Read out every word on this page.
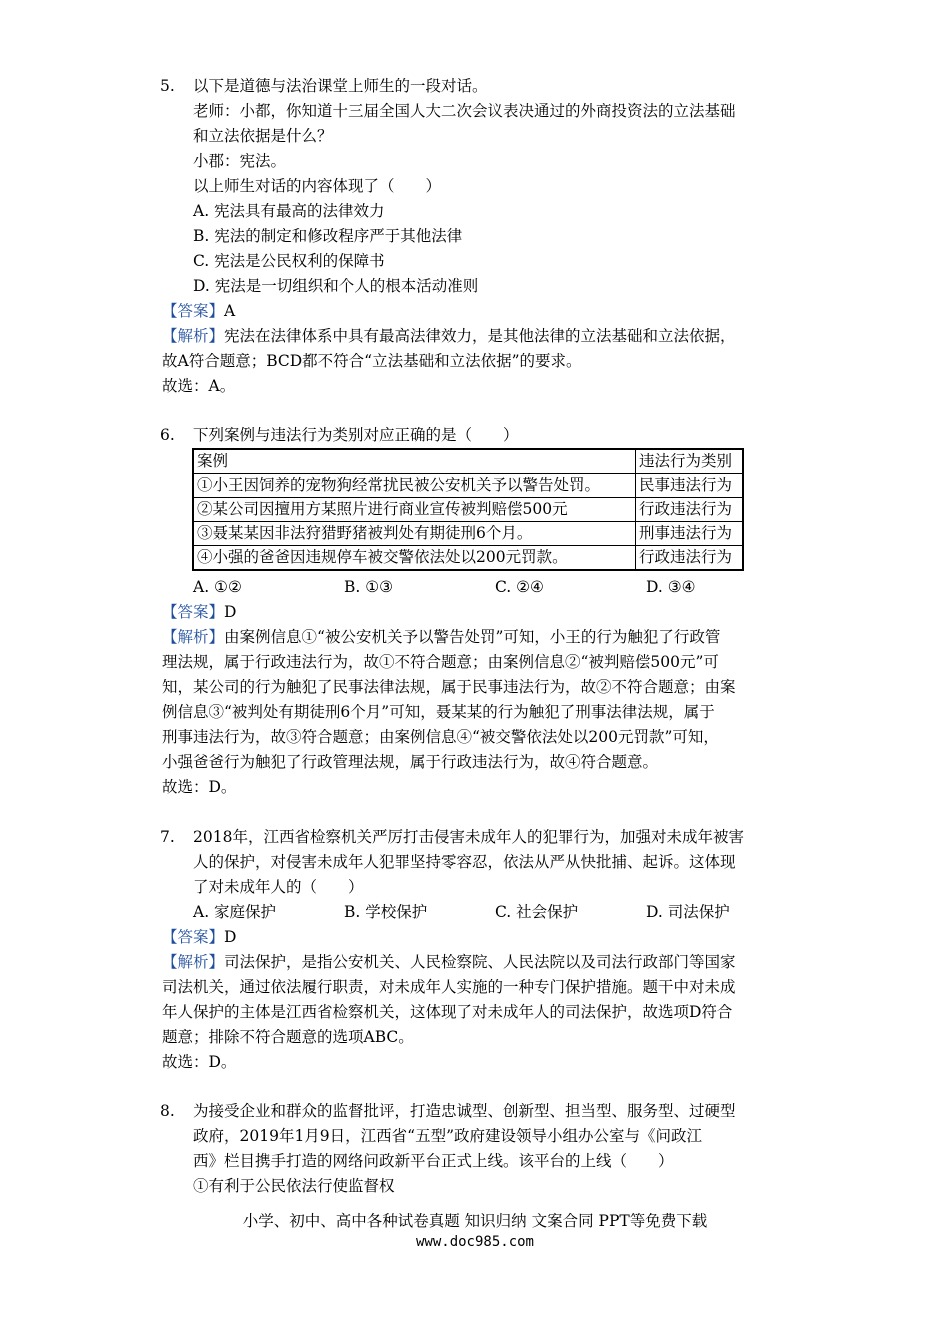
5. 以下是道德与法治课堂上师生的一段对话。
老师：小都，你知道十三届全国人大二次会议表决通过的外商投资法的立法基础
和立法依据是什么？
小郡：宪法。
以上师生对话的内容体现了（　　）
A. 宪法具有最高的法律效力
B. 宪法的制定和修改程序严于其他法律
C. 宪法是公民权利的保障书
D. 宪法是一切组织和个人的根本活动准则
【答案】A
【解析】宪法在法律体系中具有最高法律效力，是其他法律的立法基础和立法依据，
故A符合题意；BCD都不符合“立法基础和立法依据”的要求。
故选：A。
6. 下列案例与违法行为类别对应正确的是（　　）
案例	违法行为类别
①小王因饲养的宠物狗经常扰民被公安机关予以警告处罚。	民事违法行为
②某公司因擅用方某照片进行商业宣传被判赔偿500元	行政违法行为
③聂某某因非法狩猎野猪被判处有期徒刑6个月。	刑事违法行为
④小强的爸爸因违规停车被交警依法处以200元罚款。	行政违法行为
A. ①②	B. ①③	C. ②④	D. ③④
【答案】D
【解析】由案例信息①“被公安机关予以警告处罚”可知，小王的行为触犯了行政管
理法规，属于行政违法行为，故①不符合题意；由案例信息②“被判赔偿500元”可
知，某公司的行为触犯了民事法律法规，属于民事违法行为，故②不符合题意；由案
例信息③“被判处有期徒刑6个月”可知，聂某某的行为触犯了刑事法律法规，属于
刑事违法行为，故③符合题意；由案例信息④“被交警依法处以200元罚款”可知，
小强爸爸行为触犯了行政管理法规，属于行政违法行为，故④符合题意。
故选：D。
7. 2018年，江西省检察机关严厉打击侵害未成年人的犯罪行为，加强对未成年被害
人的保护，对侵害未成年人犯罪坚持零容忍，依法从严从快批捕、起诉。这体现
了对未成年人的（　　）
A. 家庭保护	B. 学校保护	C. 社会保护	D. 司法保护
【答案】D
【解析】司法保护，是指公安机关、人民检察院、人民法院以及司法行政部门等国家
司法机关，通过依法履行职责，对未成年人实施的一种专门保护措施。题干中对未成
年人保护的主体是江西省检察机关，这体现了对未成年人的司法保护，故选项D符合
题意；排除不符合题意的选项ABC。
故选：D。
8. 为接受企业和群众的监督批评，打造忠诚型、创新型、担当型、服务型、过硬型
政府，2019年1月9日，江西省“五型”政府建设领导小组办公室与《问政江
西》栏目携手打造的网络问政新平台正式上线。该平台的上线（　　）
①有利于公民依法行使监督权
小学、初中、高中各种试卷真题 知识归纳 文案合同 PPT等免费下载
www.doc985.com
